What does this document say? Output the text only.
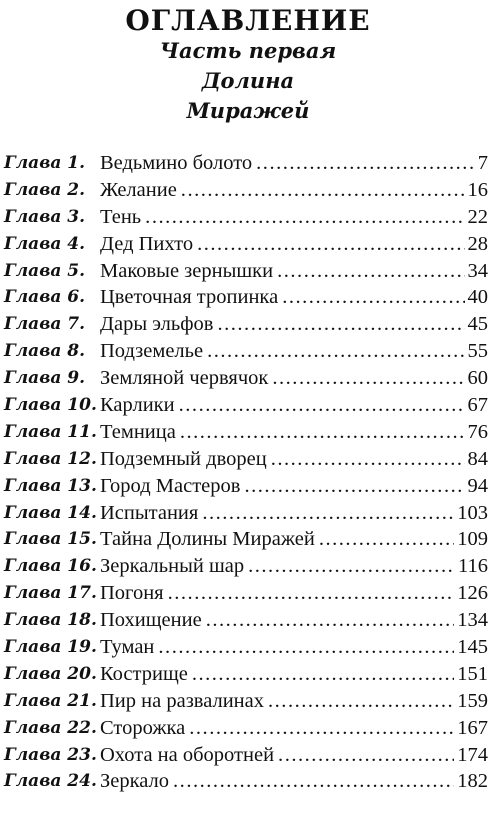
ОГЛАВЛЕНИЕ
Часть первая
Долина
Миражей
Глава 1. Ведьмино болото . . .	7
Глава 2. Желание . . .	16
Глава 3. Тень . . .	22
Глава 4. Дед Пихто . . .	28
Глава 5. Маковые зернышки . . .	34
Глава 6. Цветочная тропинка . . .	40
Глава 7. Дары эльфов . . .	45
Глава 8. Подземелье . . .	55
Глава 9. Земляной червячок . . .	60
Глава 10. Карлики . . .	67
Глава 11. Темница . . .	76
Глава 12. Подземный дворец . . .	84
Глава 13. Город Мастеров . . .	94
Глава 14. Испытания . . .	103
Глава 15. Тайна Долины Миражей . . .	109
Глава 16. Зеркальный шар . . .	116
Глава 17. Погоня . . .	126
Глава 18. Похищение . . .	134
Глава 19. Туман . . .	145
Глава 20. Кострище . . .	151
Глава 21. Пир на развалинах . . .	159
Глава 22. Сторожка . . .	167
Глава 23. Охота на оборотней . . .	174
Глава 24. Зеркало . . .	182
